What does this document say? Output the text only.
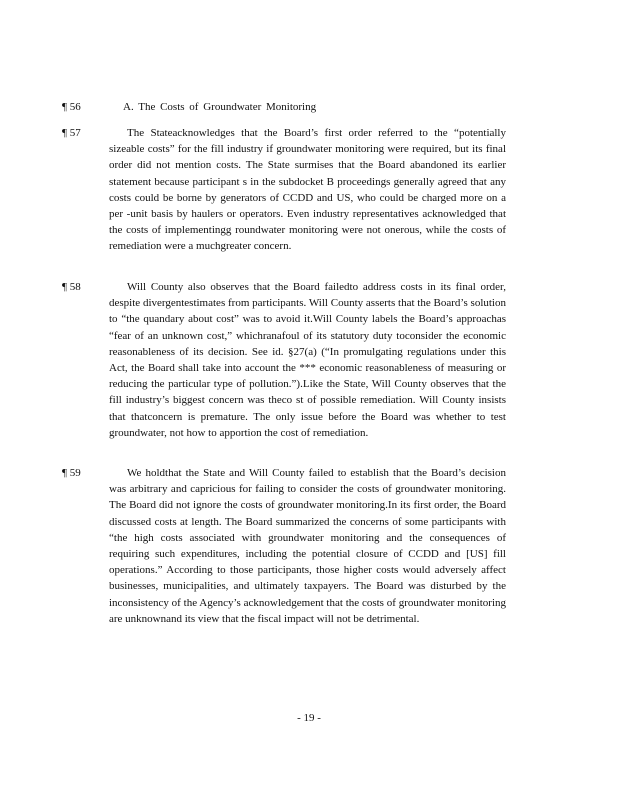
¶ 56	A. The Costs of Groundwater Monitoring
¶ 57	The Stateacknowledges that the Board’s first order referred to the “potentially sizeable costs” for the fill industry if groundwater monitoring were required, but its final order did not mention costs. The State surmises that the Board abandoned its earlier statement because participant s in the subdocket B proceedings generally agreed that any costs could be borne by generators of CCDD and US, who could be charged more on a per -unit basis by haulers or operators. Even industry representatives acknowledged that the costs of implementingg roundwater monitoring were not onerous, while the costs of remediation were a muchgreater concern.

¶ 58	Will County also observes that the Board failedto address costs in its final order, despite divergentestimates from participants. Will County asserts that the Board’s solution to “the quandary about cost” was to avoid it.Will County labels the Board’s approachas “fear of an unknown cost,” whichranafoul of its statutory duty toconsider the economic reasonableness of its decision. See id. §27(a) (“In promulgating regulations under this Act, the Board shall take into account the *** economic reasonableness of measuring or reducing the particular type of pollution.”).Like the State, Will County observes that the fill industry’s biggest concern was theco st of possible remediation. Will County insists that thatconcern is premature. The only issue before the Board was whether to test groundwater, not how to apportion the cost of remediation.

¶ 59	We holdthat the State and Will County failed to establish that the Board’s decision was arbitrary and capricious for failing to consider the costs of groundwater monitoring. The Board did not ignore the costs of groundwater monitoring.In its first order, the Board discussed costs at length. The Board summarized the concerns of some participants with “the high costs associated with groundwater monitoring and the consequences of requiring such expenditures, including the potential closure of CCDD and [US] fill operations.” According to those participants, those higher costs would adversely affect businesses, municipalities, and ultimately taxpayers. The Board was disturbed by the inconsistency of the Agency’s acknowledgement that the costs of groundwater monitoring are unknownand its view that the fiscal impact will not be detrimental.

- 19 -
